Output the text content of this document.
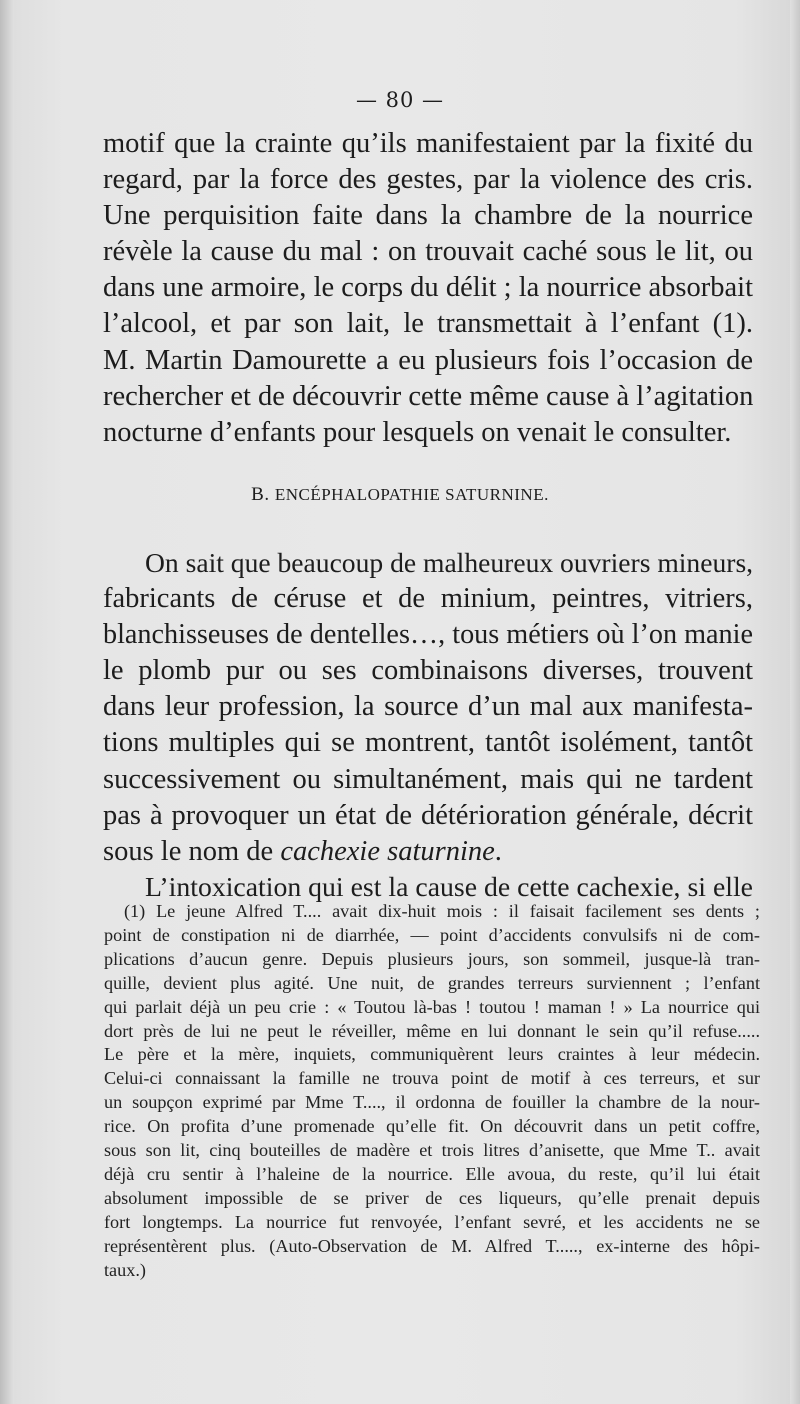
— 80 —
motif que la crainte qu’ils manifestaient par la fixité du
regard, par la force des gestes, par la violence des cris.
Une perquisition faite dans la chambre de la nourrice
révèle la cause du mal : on trouvait caché sous le lit, ou
dans une armoire, le corps du délit ; la nourrice absorbait
l’alcool, et par son lait, le transmettait à l’enfant (1).
M. Martin Damourette a eu plusieurs fois l’occasion de
rechercher et de découvrir cette même cause à l’agitation
nocturne d’enfants pour lesquels on venait le consulter.
B. ENCÉPHALOPATHIE SATURNINE.
On sait que beaucoup de malheureux ouvriers mineurs,
fabricants de céruse et de minium, peintres, vitriers,
blanchisseuses de dentelles…, tous métiers où l’on manie
le plomb pur ou ses combinaisons diverses, trouvent
dans leur profession, la source d’un mal aux manifesta-
tions multiples qui se montrent, tantôt isolément, tantôt
successivement ou simultanément, mais qui ne tardent
pas à provoquer un état de détérioration générale, décrit
sous le nom de cachexie saturnine.
L’intoxication qui est la cause de cette cachexie, si elle
(1) Le jeune Alfred T.... avait dix-huit mois : il faisait facilement ses dents ;
point de constipation ni de diarrhée, — point d’accidents convulsifs ni de com-
plications d’aucun genre. Depuis plusieurs jours, son sommeil, jusque-là tran-
quille, devient plus agité. Une nuit, de grandes terreurs surviennent ; l’enfant
qui parlait déjà un peu crie : « Toutou là-bas ! toutou ! maman ! » La nourrice qui
dort près de lui ne peut le réveiller, même en lui donnant le sein qu’il refuse.....
Le père et la mère, inquiets, communiquèrent leurs craintes à leur médecin.
Celui-ci connaissant la famille ne trouva point de motif à ces terreurs, et sur
un soupçon exprimé par Mme T...., il ordonna de fouiller la chambre de la nour-
rice. On profita d’une promenade qu’elle fit. On découvrit dans un petit coffre,
sous son lit, cinq bouteilles de madère et trois litres d’anisette, que Mme T.. avait
déjà cru sentir à l’haleine de la nourrice. Elle avoua, du reste, qu’il lui était
absolument impossible de se priver de ces liqueurs, qu’elle prenait depuis
fort longtemps. La nourrice fut renvoyée, l’enfant sevré, et les accidents ne se
représentèrent plus. (Auto-Observation de M. Alfred T....., ex-interne des hôpi-
taux.)
